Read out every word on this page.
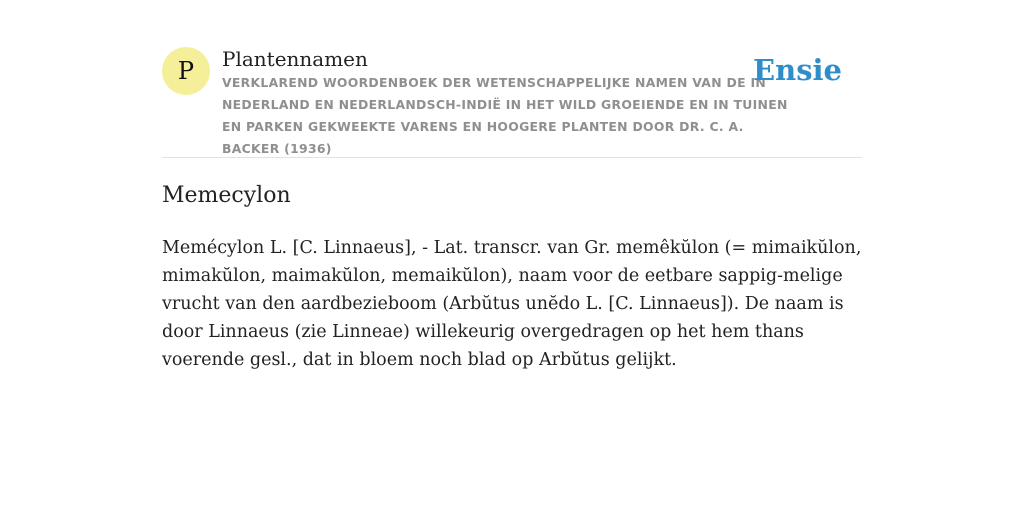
P Plantennamen
VERKLAREND WOORDENBOEK DER WETENSCHAPPELIJKE NAMEN VAN DE IN NEDERLAND EN NEDERLANDSCH-INDIË IN HET WILD GROEIENDE EN IN TUINEN EN PARKEN GEKWEEKTE VARENS EN HOOGERE PLANTEN DOOR DR. C. A. BACKER (1936)
Ensie
Memecylon

Memécylon L. [C. Linnaeus], - Lat. transcr. van Gr. memêkŭlon (= mimaikŭlon, mimakŭlon, maimakŭlon, memaikŭlon), naam voor de eetbare sappig-melige vrucht van den aardbezieboom (Arbŭtus unĕdo L. [C. Linnaeus]). De naam is door Linnaeus (zie Linneae) willekeurig overgedragen op het hem thans voerende gesl., dat in bloem noch blad op Arbŭtus gelijkt.
